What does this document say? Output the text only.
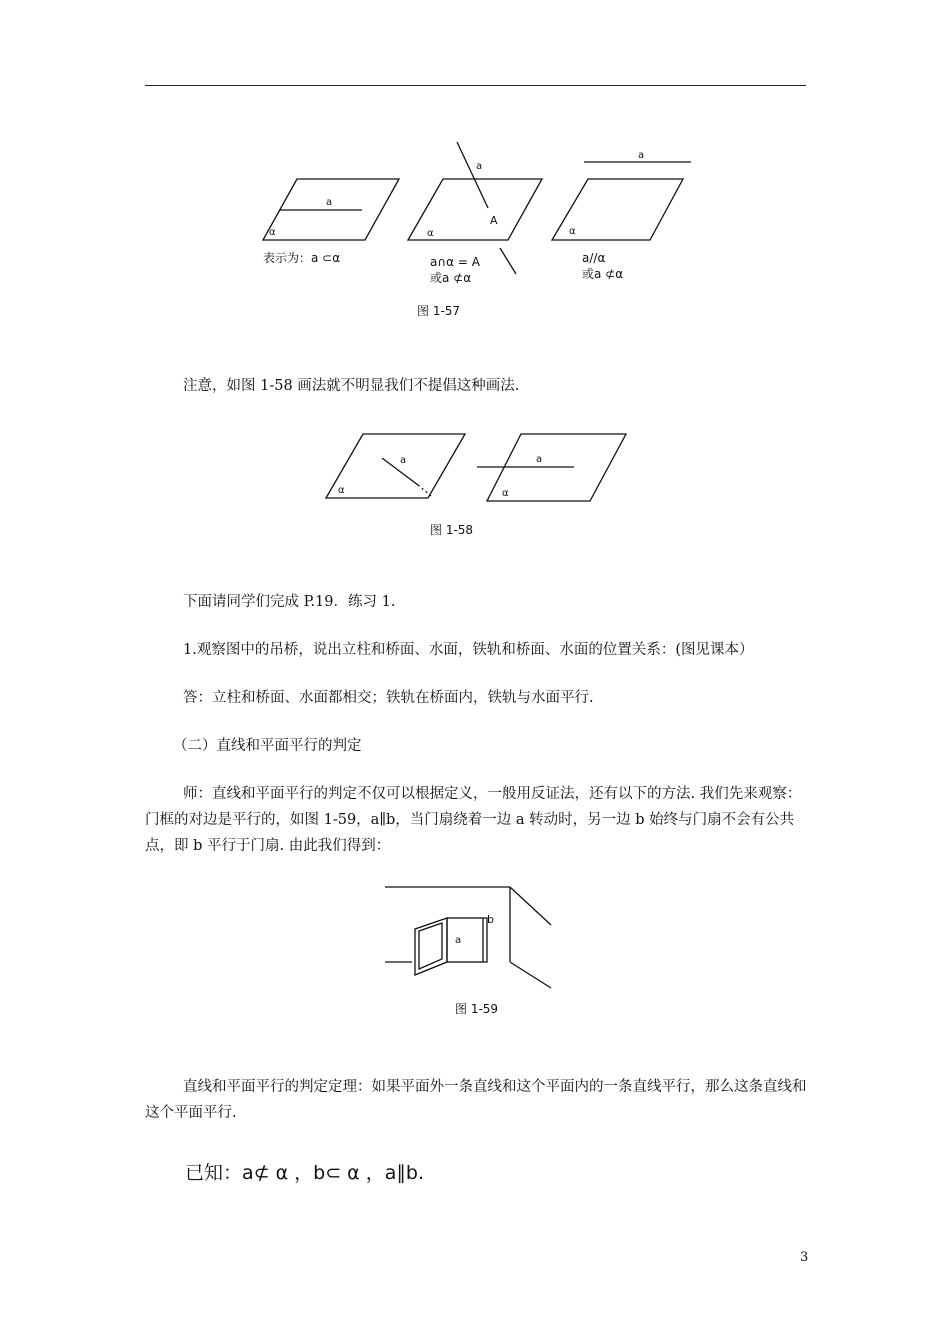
a
α
表示为：a ⊂α
a
A
α
a∩α = A
或a ⊄α
a
α
a//α
或a ⊄α
图 1-57
注意，如图 1-58 画法就不明显我们不提倡这种画法.
a
α
a
α
图 1-58
下面请同学们完成 P.19．练习 1.
1.观察图中的吊桥，说出立柱和桥面、水面，铁轨和桥面、水面的位置关系：(图见课本）
答：立柱和桥面、水面都相交；铁轨在桥面内，铁轨与水面平行.
（二）直线和平面平行的判定
师：直线和平面平行的判定不仅可以根据定义，一般用反证法，还有以下的方法. 我们先来观察：门框的对边是平行的，如图 1-59，a∥b，当门扇绕着一边 a 转动时，另一边 b 始终与门扇不会有公共点，即 b 平行于门扇. 由此我们得到：
a
b
图 1-59
直线和平面平行的判定定理：如果平面外一条直线和这个平面内的一条直线平行，那么这条直线和这个平面平行.
已知：a⊄ α ，b⊂ α ，a∥b.
3
